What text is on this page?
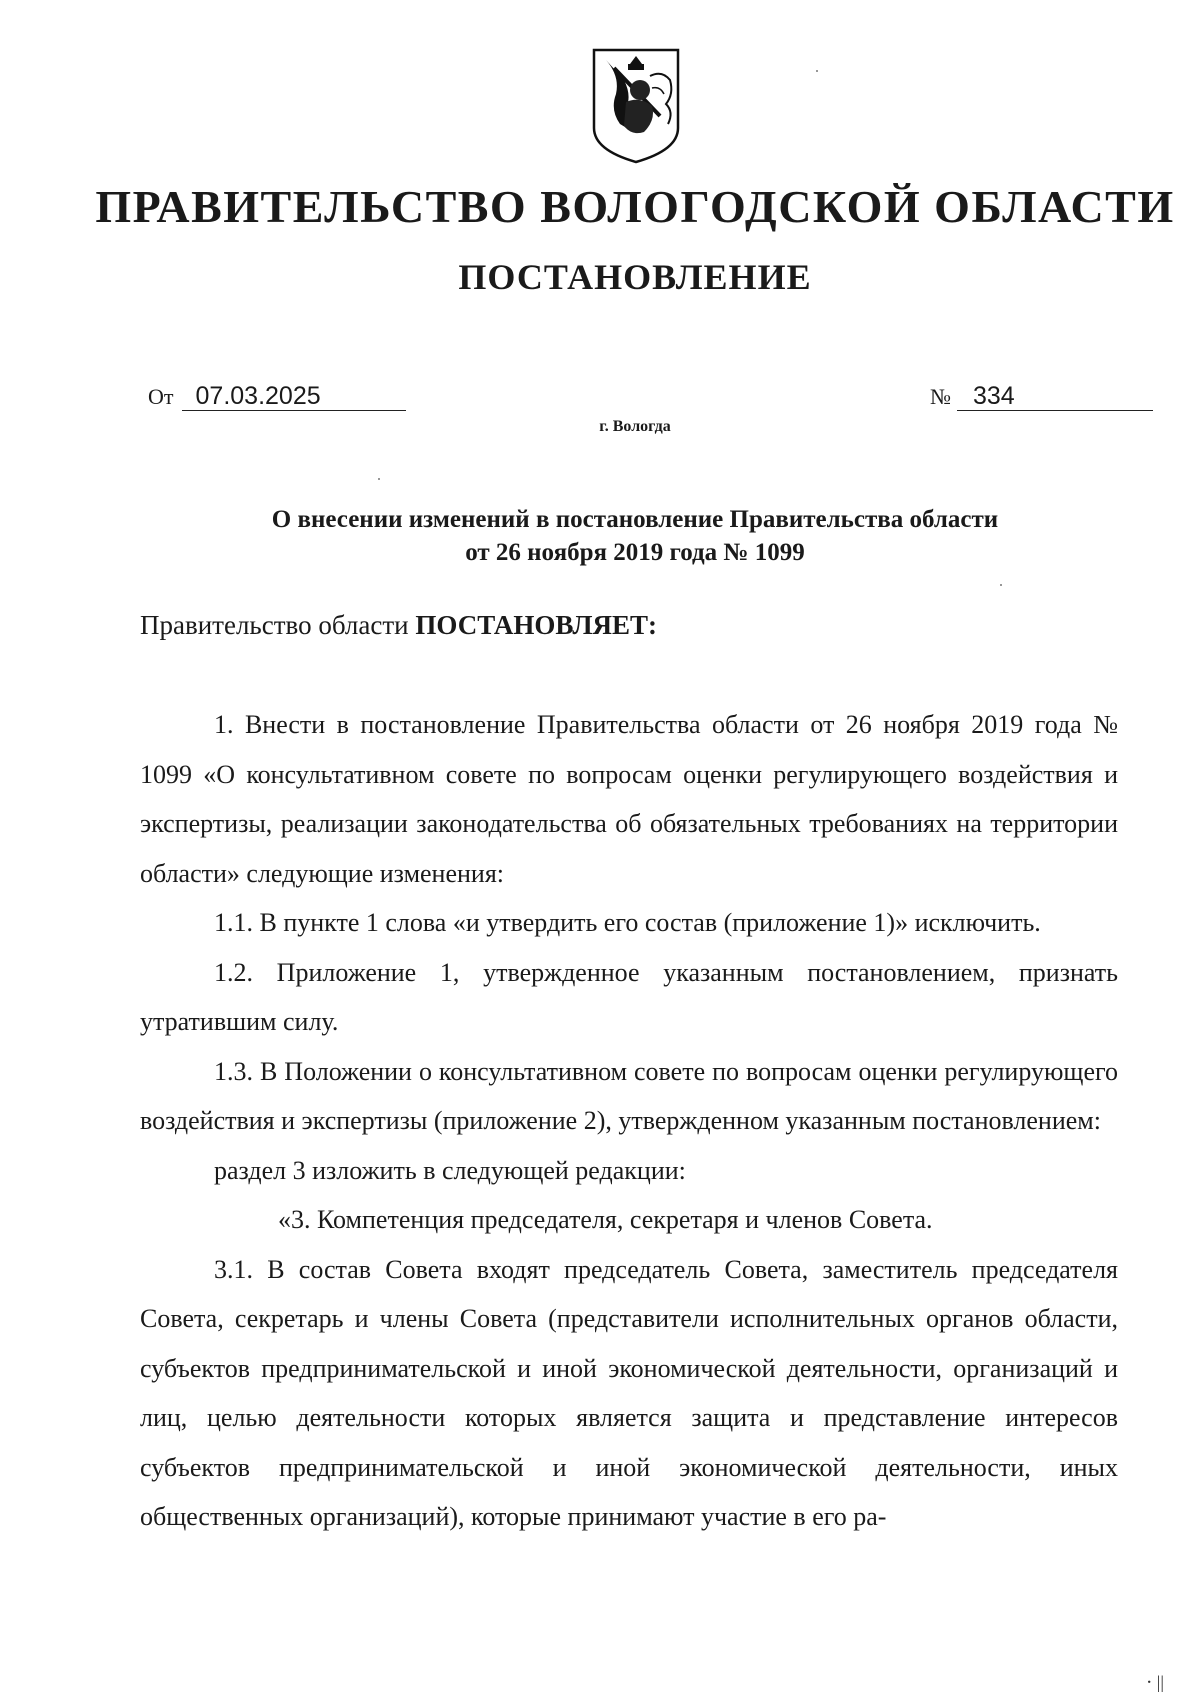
ПРАВИТЕЛЬСТВО ВОЛОГОДСКОЙ ОБЛАСТИ
ПОСТАНОВЛЕНИЕ
От 07.03.2025	№ 334
г. Вологда
О внесении изменений в постановление Правительства области
от 26 ноября 2019 года № 1099
Правительство области ПОСТАНОВЛЯЕТ:

1. Внести в постановление Правительства области от 26 ноября 2019 года № 1099 «О консультативном совете по вопросам оценки регулирующего воздействия и экспертизы, реализации законодательства об обязательных требованиях на территории области» следующие изменения:

1.1. В пункте 1 слова «и утвердить его состав (приложение 1)» исключить.

1.2. Приложение 1, утвержденное указанным постановлением, признать утратившим силу.

1.3. В Положении о консультативном совете по вопросам оценки регулирующего воздействия и экспертизы (приложение 2), утвержденном указанным постановлением:

раздел 3 изложить в следующей редакции:

«3. Компетенция председателя, секретаря и членов Совета.

3.1. В состав Совета входят председатель Совета, заместитель председателя Совета, секретарь и члены Совета (представители исполнительных органов области, субъектов предпринимательской и иной экономической деятельности, организаций и лиц, целью деятельности которых является защита и представление интересов субъектов предпринимательской и иной экономической деятельности, иных общественных организаций), которые принимают участие в его ра-

⋅ ||
